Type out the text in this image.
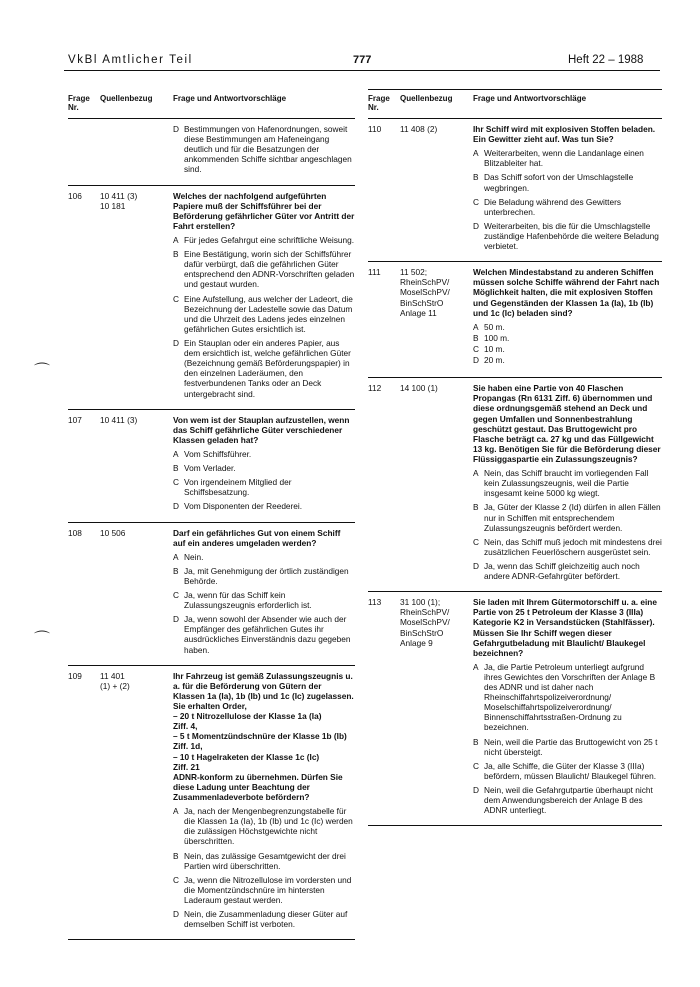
VkBl Amtlicher Teil	777	Heft 22 – 1988
⌒
⌒
Frage
Nr.
Quellenbezug	Frage und Antwortvorschläge
D Bestimmungen von Hafenordnungen, soweit diese Bestimmungen am Hafeneingang deutlich und für die Besatzungen der ankommenden Schiffe sichtbar angeschlagen sind.
106	10 411 (3)
10 181
Welches der nachfolgend aufgeführten Papiere muß der Schiffsführer bei der Beförderung gefährlicher Güter vor Antritt der Fahrt erstellen?
A Für jedes Gefahrgut eine schriftliche Weisung.
B Eine Bestätigung, worin sich der Schiffsführer dafür verbürgt, daß die gefährlichen Güter entsprechend den ADNR-Vorschriften geladen und gestaut wurden.
C Eine Aufstellung, aus welcher der Ladeort, die Bezeichnung der Ladestelle sowie das Datum und die Uhrzeit des Ladens jedes einzelnen gefährlichen Gutes ersichtlich ist.
D Ein Stauplan oder ein anderes Papier, aus dem ersichtlich ist, welche gefährlichen Güter (Bezeichnung gemäß Beförderungspapier) in den einzelnen Laderäumen, den festverbundenen Tanks oder an Deck untergebracht sind.
107	10 411 (3)	Von wem ist der Stauplan aufzustellen, wenn das Schiff gefährliche Güter verschiedener Klassen geladen hat?
A Vom Schiffsführer.
B Vom Verlader.
C Von irgendeinem Mitglied der Schiffsbesatzung.
D Vom Disponenten der Reederei.
108	10 506	Darf ein gefährliches Gut von einem Schiff auf ein anderes umgeladen werden?
A Nein.
B Ja, mit Genehmigung der örtlich zuständigen Behörde.
C Ja, wenn für das Schiff kein Zulassungszeugnis erforderlich ist.
D Ja, wenn sowohl der Absender wie auch der Empfänger des gefährlichen Gutes ihr ausdrückliches Einverständnis dazu gegeben haben.
109	11 401
(1) + (2)
Ihr Fahrzeug ist gemäß Zulassungszeugnis u. a. für die Beförderung von Gütern der Klassen 1a (Ia), 1b (Ib) und 1c (Ic) zugelassen. Sie erhalten Order,
– 20 t Nitrozellulose der Klasse 1a (Ia)
Ziff. 4,
– 5 t Momentzündschnüre der Klasse 1b (Ib)
Ziff. 1d,
– 10 t Hagelraketen der Klasse 1c (Ic)
Ziff. 21
ADNR-konform zu übernehmen. Dürfen Sie diese Ladung unter Beachtung der Zusammenladeverbote befördern?
A Ja, nach der Mengenbegrenzungstabelle für die Klassen 1a (Ia), 1b (Ib) und 1c (Ic) werden die zulässigen Höchstgewichte nicht überschritten.
B Nein, das zulässige Gesamtgewicht der drei Partien wird überschritten.
C Ja, wenn die Nitrozellulose im vordersten und die Momentzündschnüre im hintersten Laderaum gestaut werden.
D Nein, die Zusammenladung dieser Güter auf demselben Schiff ist verboten.
Frage
Nr.
Quellenbezug	Frage und Antwortvorschläge
110	11 408 (2)	Ihr Schiff wird mit explosiven Stoffen beladen. Ein Gewitter zieht auf. Was tun Sie?
A Weiterarbeiten, wenn die Landanlage einen Blitzableiter hat.
B Das Schiff sofort von der Umschlagstelle wegbringen.
C Die Beladung während des Gewitters unterbrechen.
D Weiterarbeiten, bis die für die Umschlagstelle zuständige Hafenbehörde die weitere Beladung verbietet.
111	11 502;
RheinSchPV/
MoselSchPV/
BinSchStrO
Anlage 11
Welchen Mindestabstand zu anderen Schiffen müssen solche Schiffe während der Fahrt nach Möglichkeit halten, die mit explosiven Stoffen und Gegenständen der Klassen 1a (Ia), 1b (Ib) und 1c (Ic) beladen sind?
A 50 m.
B 100 m.
C 10 m.
D 20 m.
112	14 100 (1)	Sie haben eine Partie von 40 Flaschen Propangas (Rn 6131 Ziff. 6) übernommen und diese ordnungsgemäß stehend an Deck und gegen Umfallen und Sonnenbestrahlung geschützt gestaut. Das Bruttogewicht pro Flasche beträgt ca. 27 kg und das Füllgewicht 13 kg. Benötigen Sie für die Beförderung dieser Flüssiggaspartie ein Zulassungszeugnis?
A Nein, das Schiff braucht im vorliegenden Fall kein Zulassungszeugnis, weil die Partie insgesamt keine 5000 kg wiegt.
B Ja, Güter der Klasse 2 (Id) dürfen in allen Fällen nur in Schiffen mit entsprechendem Zulassungszeugnis befördert werden.
C Nein, das Schiff muß jedoch mit mindestens drei zusätzlichen Feuerlöschern ausgerüstet sein.
D Ja, wenn das Schiff gleichzeitig auch noch andere ADNR-Gefahrgüter befördert.
113	31 100 (1);
RheinSchPV/
MoselSchPV/
BinSchStrO
Anlage 9
Sie laden mit Ihrem Gütermotorschiff u. a. eine Partie von 25 t Petroleum der Klasse 3 (IIIa) Kategorie K2 in Versandstücken (Stahlfässer). Müssen Sie Ihr Schiff wegen dieser Gefahrgutbeladung mit Blaulicht/ Blaukegel bezeichnen?
A Ja, die Partie Petroleum unterliegt aufgrund ihres Gewichtes den Vorschriften der Anlage B des ADNR und ist daher nach Rheinschiffahrtspolizeiverordnung/ Moselschiffahrtspolizeiverordnung/ Binnenschiffahrtsstraßen-Ordnung zu bezeichnen.
B Nein, weil die Partie das Bruttogewicht von 25 t nicht übersteigt.
C Ja, alle Schiffe, die Güter der Klasse 3 (IIIa) befördern, müssen Blaulicht/ Blaukegel führen.
D Nein, weil die Gefahrgutpartie überhaupt nicht dem Anwendungsbereich der Anlage B des ADNR unterliegt.
